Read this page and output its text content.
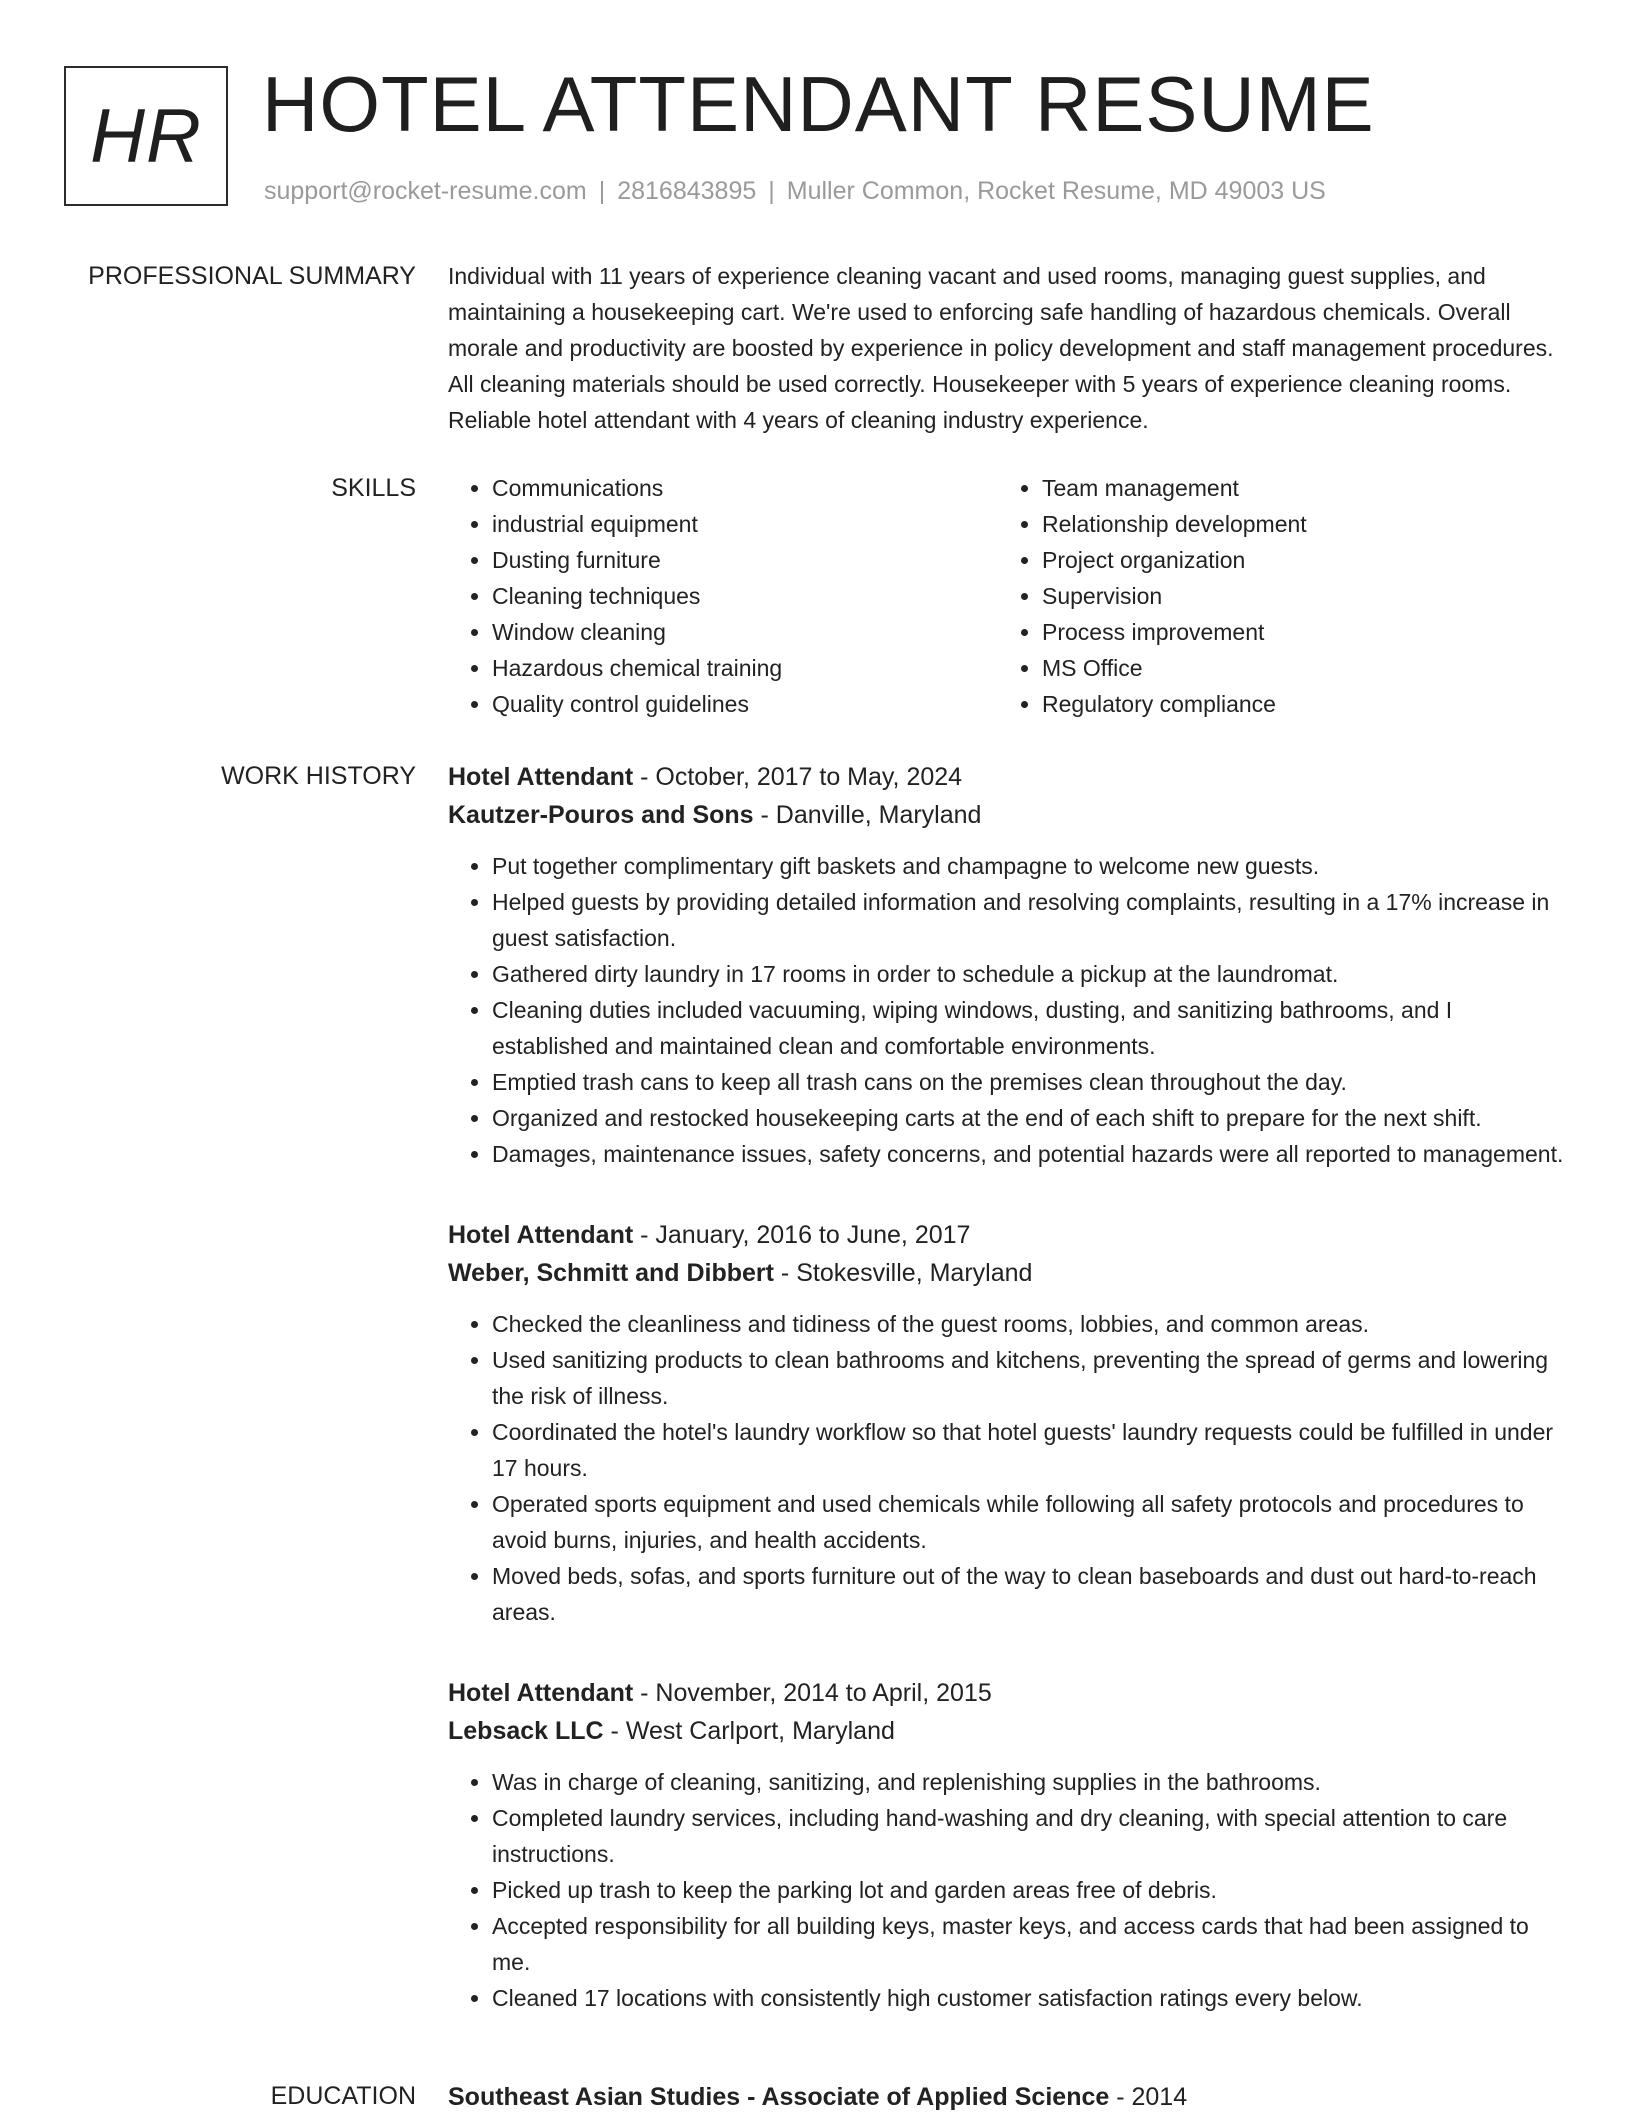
HR HOTEL ATTENDANT RESUME
support@rocket-resume.com | 2816843895 | Muller Common, Rocket Resume, MD 49003 US
PROFESSIONAL SUMMARY Individual with 11 years of experience cleaning vacant and used rooms, managing guest supplies, and maintaining a housekeeping cart. We're used to enforcing safe handling of hazardous chemicals. Overall morale and productivity are boosted by experience in policy development and staff management procedures. All cleaning materials should be used correctly. Housekeeper with 5 years of experience cleaning rooms. Reliable hotel attendant with 4 years of cleaning industry experience.

SKILLS
•	Communications
• industrial equipment
• Dusting furniture
• Cleaning techniques
• Window cleaning
• Hazardous chemical training
• Quality control guidelines
• Team management
• Relationship development
• Project organization
• Supervision
• Process improvement
• MS Office
• Regulatory compliance
WORK HISTORY Hotel Attendant - October, 2017 to May, 2024
Kautzer-Pouros and Sons - Danville, Maryland
• Put together complimentary gift baskets and champagne to welcome new guests.
• Helped guests by providing detailed information and resolving complaints, resulting in a 17% increase in guest satisfaction.
• Gathered dirty laundry in 17 rooms in order to schedule a pickup at the laundromat.
• Cleaning duties included vacuuming, wiping windows, dusting, and sanitizing bathrooms, and I established and maintained clean and comfortable environments.
• Emptied trash cans to keep all trash cans on the premises clean throughout the day.
• Organized and restocked housekeeping carts at the end of each shift to prepare for the next shift.
• Damages, maintenance issues, safety concerns, and potential hazards were all reported to management.
Hotel Attendant - January, 2016 to June, 2017
Weber, Schmitt and Dibbert - Stokesville, Maryland
• Checked the cleanliness and tidiness of the guest rooms, lobbies, and common areas.
• Used sanitizing products to clean bathrooms and kitchens, preventing the spread of germs and lowering the risk of illness.
• Coordinated the hotel's laundry workflow so that hotel guests' laundry requests could be fulfilled in under 17 hours.
• Operated sports equipment and used chemicals while following all safety protocols and procedures to avoid burns, injuries, and health accidents.
• Moved beds, sofas, and sports furniture out of the way to clean baseboards and dust out hard-to-reach areas.
Hotel Attendant - November, 2014 to April, 2015
Lebsack LLC - West Carlport, Maryland
• Was in charge of cleaning, sanitizing, and replenishing supplies in the bathrooms.
• Completed laundry services, including hand-washing and dry cleaning, with special attention to care instructions.
• Picked up trash to keep the parking lot and garden areas free of debris.
• Accepted responsibility for all building keys, master keys, and access cards that had been assigned to me.
• Cleaned 17 locations with consistently high customer satisfaction ratings every below.
EDUCATION Southeast Asian Studies - Associate of Applied Science - 2014
